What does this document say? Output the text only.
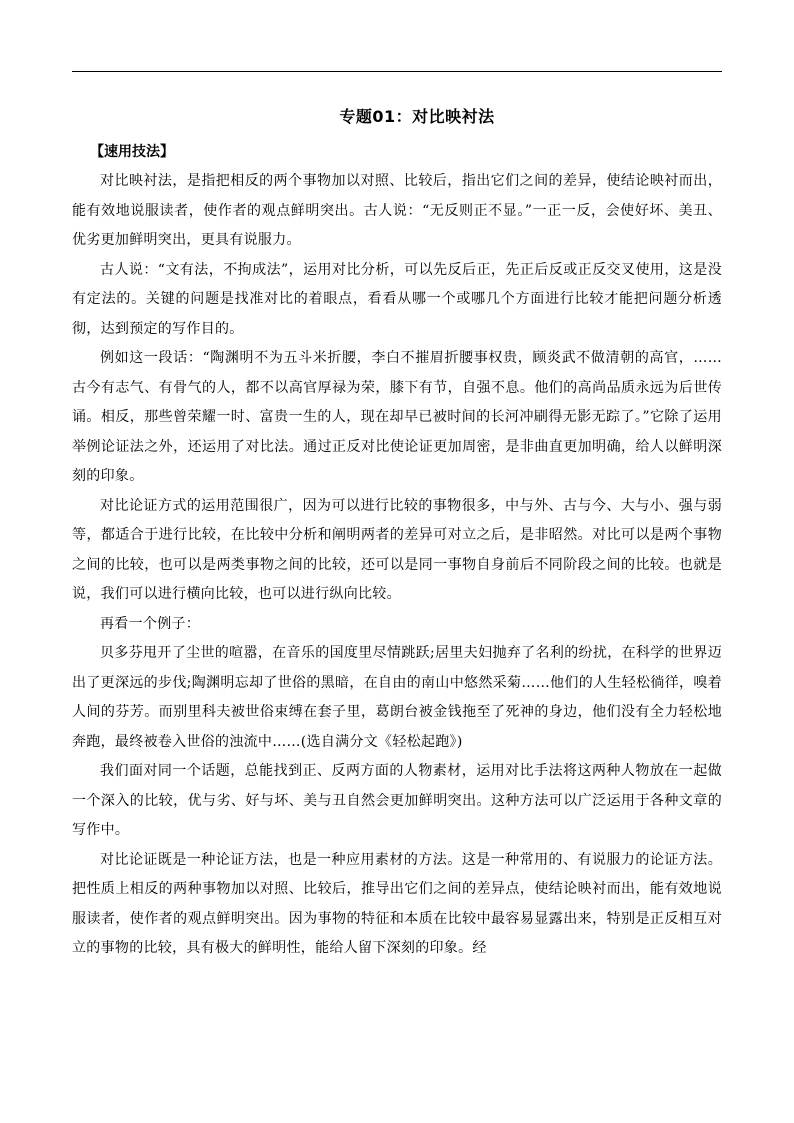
专题01：对比映衬法
【速用技法】

对比映衬法，是指把相反的两个事物加以对照、比较后，指出它们之间的差异，使结论映衬而出，能有效地说服读者，使作者的观点鲜明突出。古人说：“无反则正不显。”一正一反，会使好坏、美丑、优劣更加鲜明突出，更具有说服力。

古人说：“文有法，不拘成法”，运用对比分析，可以先反后正，先正后反或正反交叉使用，这是没有定法的。关键的问题是找准对比的着眼点，看看从哪一个或哪几个方面进行比较才能把问题分析透彻，达到预定的写作目的。

例如这一段话：“陶渊明不为五斗米折腰，李白不摧眉折腰事权贵，顾炎武不做清朝的高官，……古今有志气、有骨气的人，都不以高官厚禄为荣，膝下有节，自强不息。他们的高尚品质永远为后世传诵。相反，那些曾荣耀一时、富贵一生的人，现在却早已被时间的长河冲刷得无影无踪了。”它除了运用举例论证法之外，还运用了对比法。通过正反对比使论证更加周密，是非曲直更加明确，给人以鲜明深刻的印象。

对比论证方式的运用范围很广，因为可以进行比较的事物很多，中与外、古与今、大与小、强与弱等，都适合于进行比较，在比较中分析和阐明两者的差异可对立之后，是非昭然。对比可以是两个事物之间的比较，也可以是两类事物之间的比较，还可以是同一事物自身前后不同阶段之间的比较。也就是说，我们可以进行横向比较，也可以进行纵向比较。

再看一个例子：

贝多芬甩开了尘世的喧嚣，在音乐的国度里尽情跳跃;居里夫妇抛弃了名利的纷扰，在科学的世界迈出了更深远的步伐;陶渊明忘却了世俗的黑暗，在自由的南山中悠然采菊……他们的人生轻松徜徉，嗅着人间的芬芳。而别里科夫被世俗束缚在套子里，葛朗台被金钱拖至了死神的身边，他们没有全力轻松地奔跑，最终被卷入世俗的浊流中……(选自满分文《轻松起跑》)

我们面对同一个话题，总能找到正、反两方面的人物素材，运用对比手法将这两种人物放在一起做一个深入的比较，优与劣、好与坏、美与丑自然会更加鲜明突出。这种方法可以广泛运用于各种文章的写作中。

对比论证既是一种论证方法，也是一种应用素材的方法。这是一种常用的、有说服力的论证方法。把性质上相反的两种事物加以对照、比较后，推导出它们之间的差异点，使结论映衬而出，能有效地说服读者，使作者的观点鲜明突出。因为事物的特征和本质在比较中最容易显露出来，特别是正反相互对立的事物的比较，具有极大的鲜明性，能给人留下深刻的印象。经
